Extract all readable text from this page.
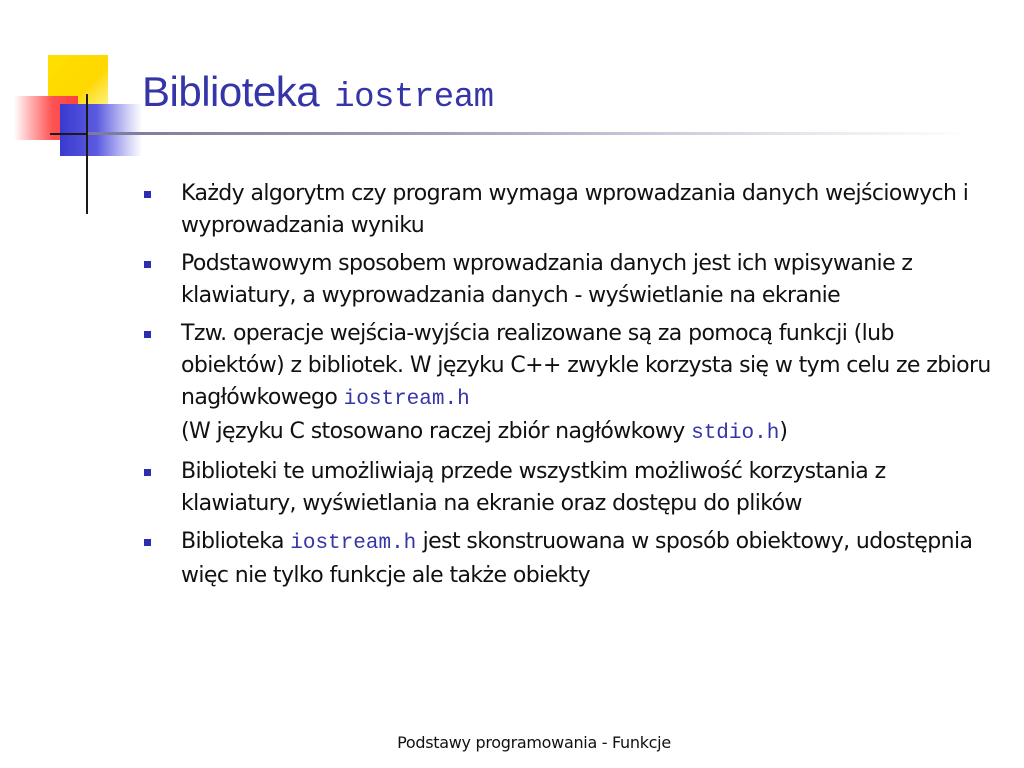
Biblioteka iostream
Każdy algorytm czy program wymaga wprowadzania danych wejściowych i wyprowadzania wyniku
Podstawowym sposobem wprowadzania danych jest ich wpisywanie z klawiatury, a wyprowadzania danych - wyświetlanie na ekranie
Tzw. operacje wejścia-wyjścia realizowane są za pomocą funkcji (lub obiektów) z bibliotek. W języku C++ zwykle korzysta się w tym celu ze zbioru nagłówkowego iostream.h
(W języku C stosowano raczej zbiór nagłówkowy stdio.h)
Biblioteki te umożliwiają przede wszystkim możliwość korzystania z klawiatury, wyświetlania na ekranie oraz dostępu do plików
Biblioteka iostream.h jest skonstruowana w sposób obiektowy, udostępnia więc nie tylko funkcje ale także obiekty
Podstawy programowania - Funkcje
